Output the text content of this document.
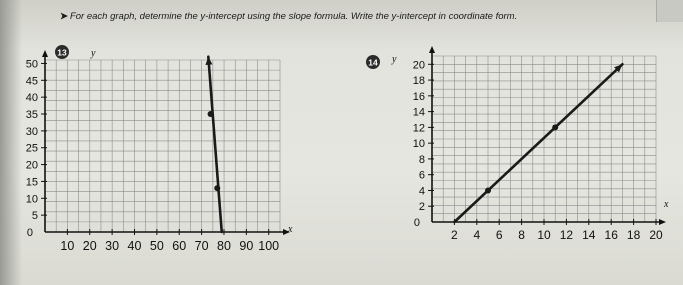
➤ For each graph, determine the y-intercept using the slope formula. Write the y-intercept in coordinate form.
13 y
x
0
10 20 30 40 50 60 70 80 90 100
5
10
15
20
25
30
35
40
45
50	14 y
x
0
2 4 6 8 10 12 14 16 18 20
2
4
6
8
10
12
14
16
18
20
